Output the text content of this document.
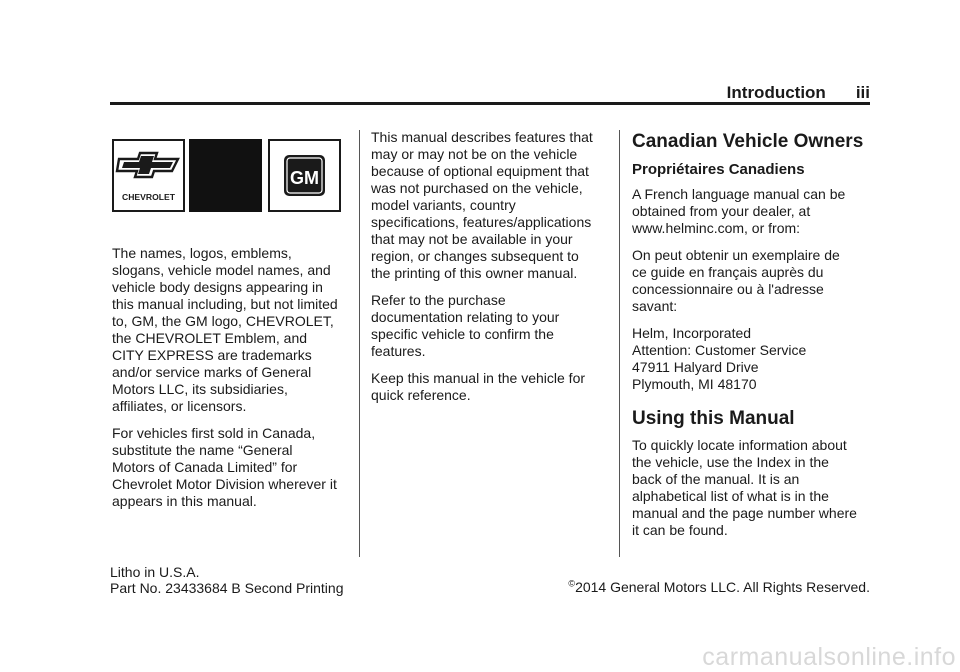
Introduction iii
CHEVROLET
GM

The names, logos, emblems,
slogans, vehicle model names, and
vehicle body designs appearing in
this manual including, but not limited
to, GM, the GM logo, CHEVROLET,
the CHEVROLET Emblem, and
CITY EXPRESS are trademarks
and/or service marks of General
Motors LLC, its subsidiaries,
affiliates, or licensors.

For vehicles first sold in Canada,
substitute the name “General
Motors of Canada Limited” for
Chevrolet Motor Division wherever it
appears in this manual.

This manual describes features that
may or may not be on the vehicle
because of optional equipment that
was not purchased on the vehicle,
model variants, country
specifications, features/applications
that may not be available in your
region, or changes subsequent to
the printing of this owner manual.

Refer to the purchase
documentation relating to your
specific vehicle to confirm the
features.

Keep this manual in the vehicle for
quick reference.

Canadian Vehicle Owners
Propriétaires Canadiens

A French language manual can be
obtained from your dealer, at
www.helminc.com, or from:

On peut obtenir un exemplaire de
ce guide en français auprès du
concessionnaire ou à l'adresse
savant:

Helm, Incorporated
Attention: Customer Service
47911 Halyard Drive
Plymouth, MI 48170

Using this Manual

To quickly locate information about
the vehicle, use the Index in the
back of the manual. It is an
alphabetical list of what is in the
manual and the page number where
it can be found.

Litho in U.S.A.
Part No. 23433684 B Second Printing	©2014 General Motors LLC. All Rights Reserved.
carmanualsonline.info
